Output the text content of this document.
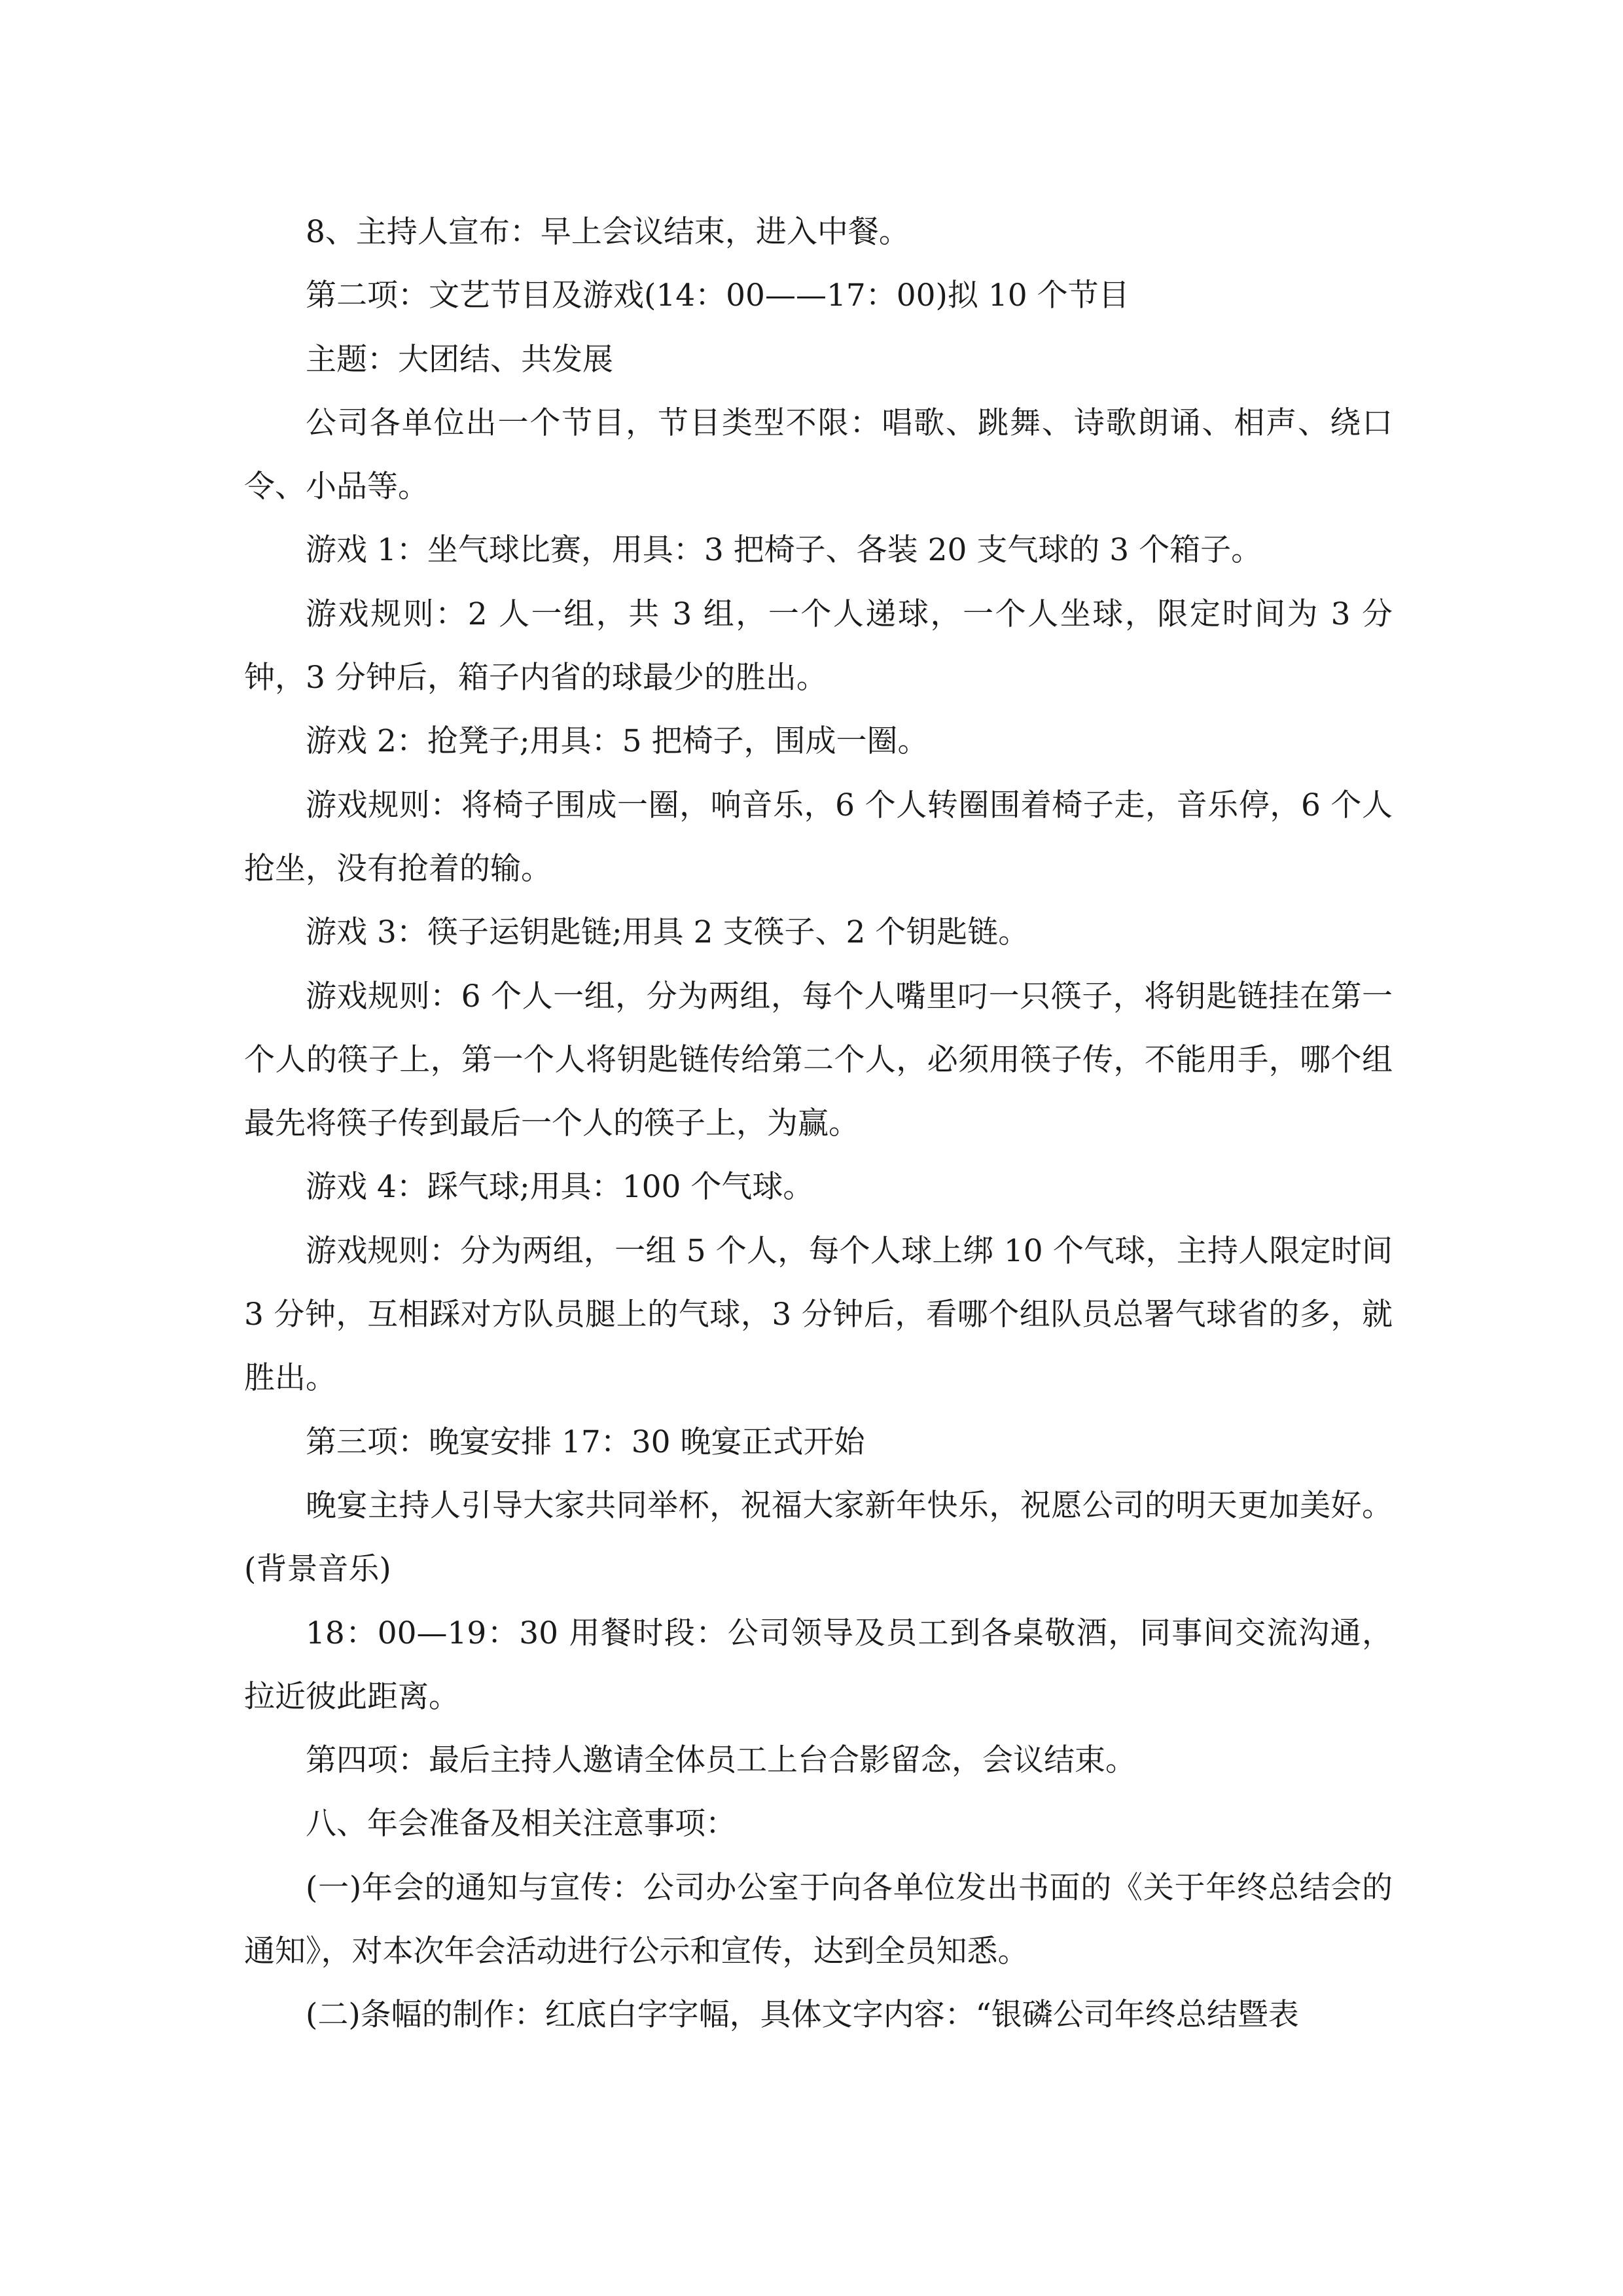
8、主持人宣布：早上会议结束，进入中餐。

第二项：文艺节目及游戏(14：00——17：00)拟 10 个节目

主题：大团结、共发展

公司各单位出一个节目，节目类型不限：唱歌、跳舞、诗歌朗诵、相声、绕口令、小品等。

游戏 1：坐气球比赛，用具：3 把椅子、各装 20 支气球的 3 个箱子。

游戏规则：2 人一组，共 3 组，一个人递球，一个人坐球，限定时间为 3 分钟，3 分钟后，箱子内省的球最少的胜出。

游戏 2：抢凳子;用具：5 把椅子，围成一圈。

游戏规则：将椅子围成一圈，响音乐，6 个人转圈围着椅子走，音乐停，6 个人抢坐，没有抢着的输。

游戏 3：筷子运钥匙链;用具 2 支筷子、2 个钥匙链。

游戏规则：6 个人一组，分为两组，每个人嘴里叼一只筷子，将钥匙链挂在第一个人的筷子上，第一个人将钥匙链传给第二个人，必须用筷子传，不能用手，哪个组最先将筷子传到最后一个人的筷子上，为赢。

游戏 4：踩气球;用具：100 个气球。

游戏规则：分为两组，一组 5 个人，每个人球上绑 10 个气球，主持人限定时间 3 分钟，互相踩对方队员腿上的气球，3 分钟后，看哪个组队员总署气球省的多，就胜出。

第三项：晚宴安排 17：30 晚宴正式开始

晚宴主持人引导大家共同举杯，祝福大家新年快乐，祝愿公司的明天更加美好。(背景音乐)

18：00—19：30 用餐时段：公司领导及员工到各桌敬酒，同事间交流沟通，拉近彼此距离。

第四项：最后主持人邀请全体员工上台合影留念，会议结束。

八、年会准备及相关注意事项：

(一)年会的通知与宣传：公司办公室于向各单位发出书面的《关于年终总结会的通知》，对本次年会活动进行公示和宣传，达到全员知悉。

(二)条幅的制作：红底白字字幅，具体文字内容：“银磷公司年终总结暨表
